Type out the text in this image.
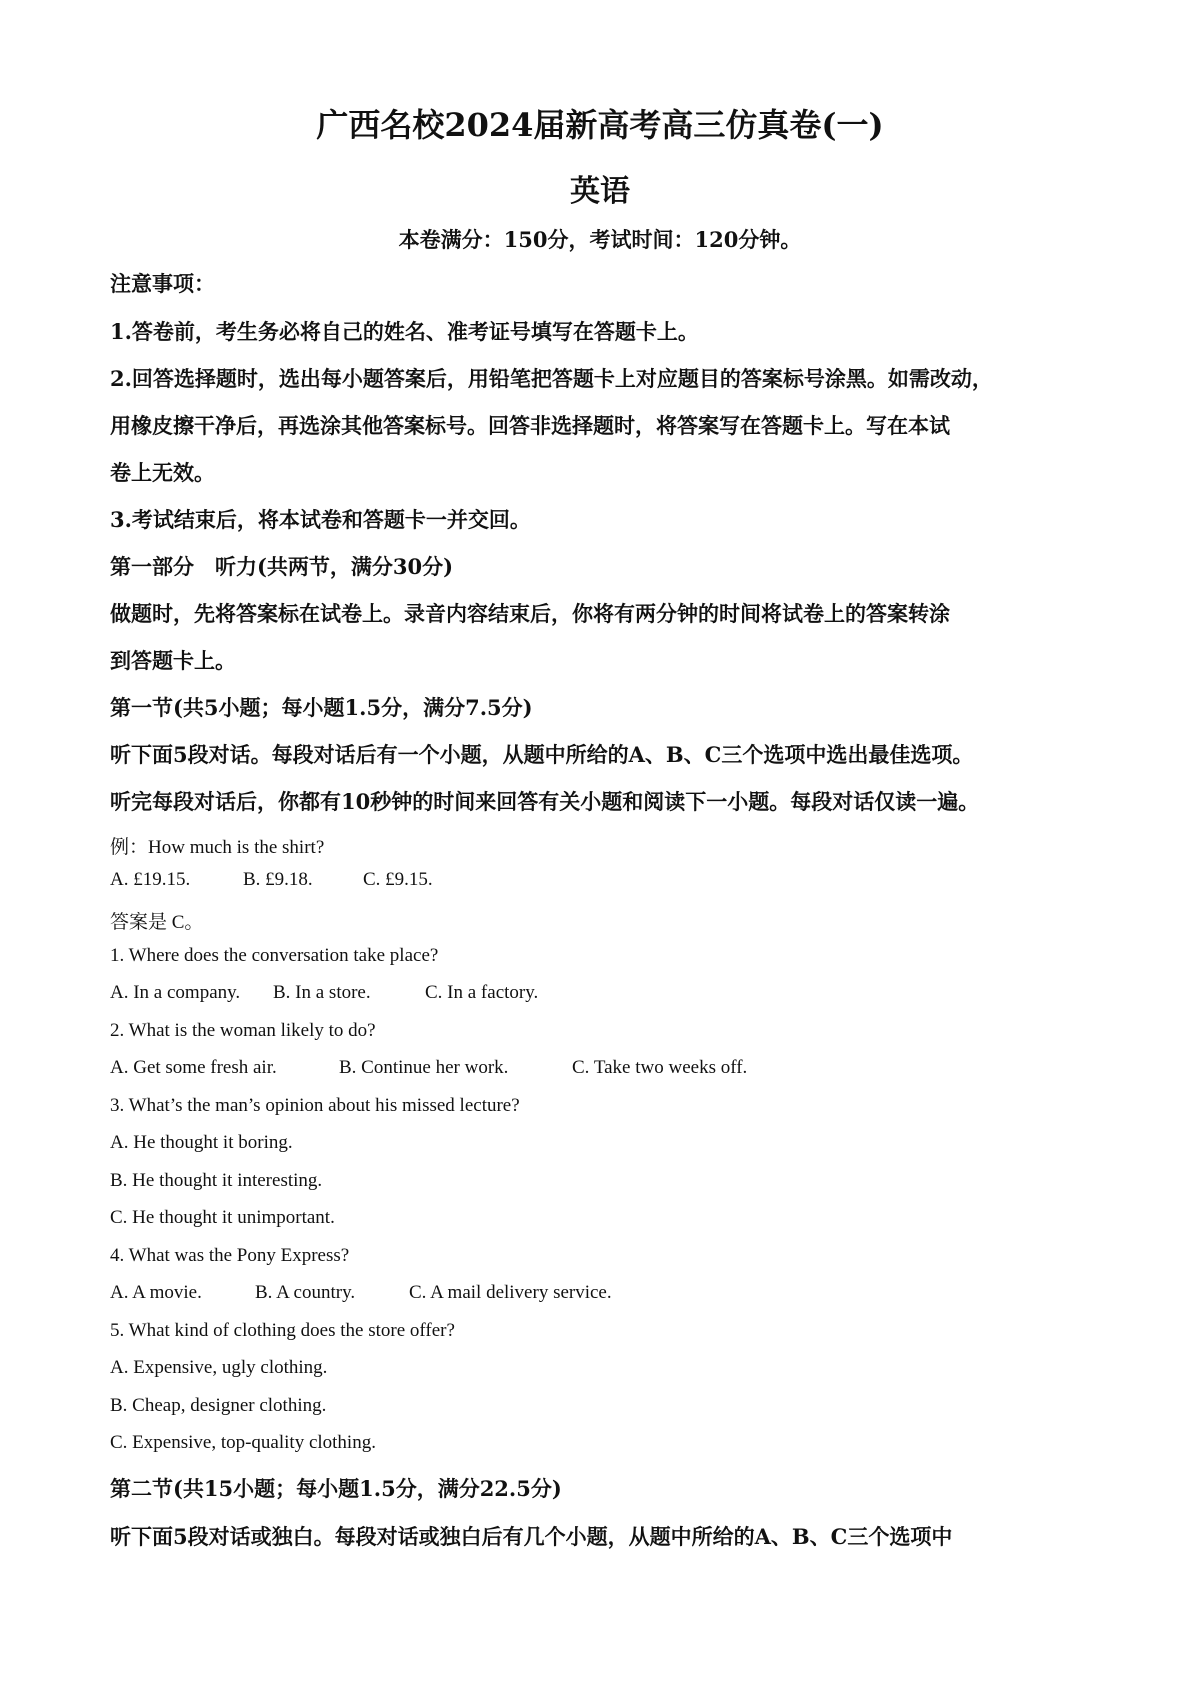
广西名校2024届新高考高三仿真卷(一)
英语
本卷满分：150分，考试时间：120分钟。
注意事项：
1.答卷前，考生务必将自己的姓名、准考证号填写在答题卡上。
2.回答选择题时，选出每小题答案后，用铅笔把答题卡上对应题目的答案标号涂黑。如需改动，
用橡皮擦干净后，再选涂其他答案标号。回答非选择题时，将答案写在答题卡上。写在本试
卷上无效。
3.考试结束后，将本试卷和答题卡一并交回。
第一部分　听力(共两节，满分30分)
做题时，先将答案标在试卷上。录音内容结束后，你将有两分钟的时间将试卷上的答案转涂
到答题卡上。
第一节(共5小题；每小题1.5分，满分7.5分)
听下面5段对话。每段对话后有一个小题，从题中所给的A、B、C三个选项中选出最佳选项。
听完每段对话后，你都有10秒钟的时间来回答有关小题和阅读下一小题。每段对话仅读一遍。
例：How much is the shirt?
A. £19.15.	B. £9.18.	C. £9.15.
答案是 C。
1. Where does the conversation take place?
A. In a company. B. In a store.	C. In a factory.
2. What is the woman likely to do?
A. Get some fresh air.	B. Continue her work.	C. Take two weeks off.
3. What’s the man’s opinion about his missed lecture?
A. He thought it boring.
B. He thought it interesting.
C. He thought it unimportant.
4. What was the Pony Express?
A. A movie.	B. A country.	C. A mail delivery service.
5. What kind of clothing does the store offer?
A. Expensive, ugly clothing.
B. Cheap, designer clothing.
C. Expensive, top-quality clothing.
第二节(共15小题；每小题1.5分，满分22.5分)
听下面5段对话或独白。每段对话或独白后有几个小题，从题中所给的A、B、C三个选项中
